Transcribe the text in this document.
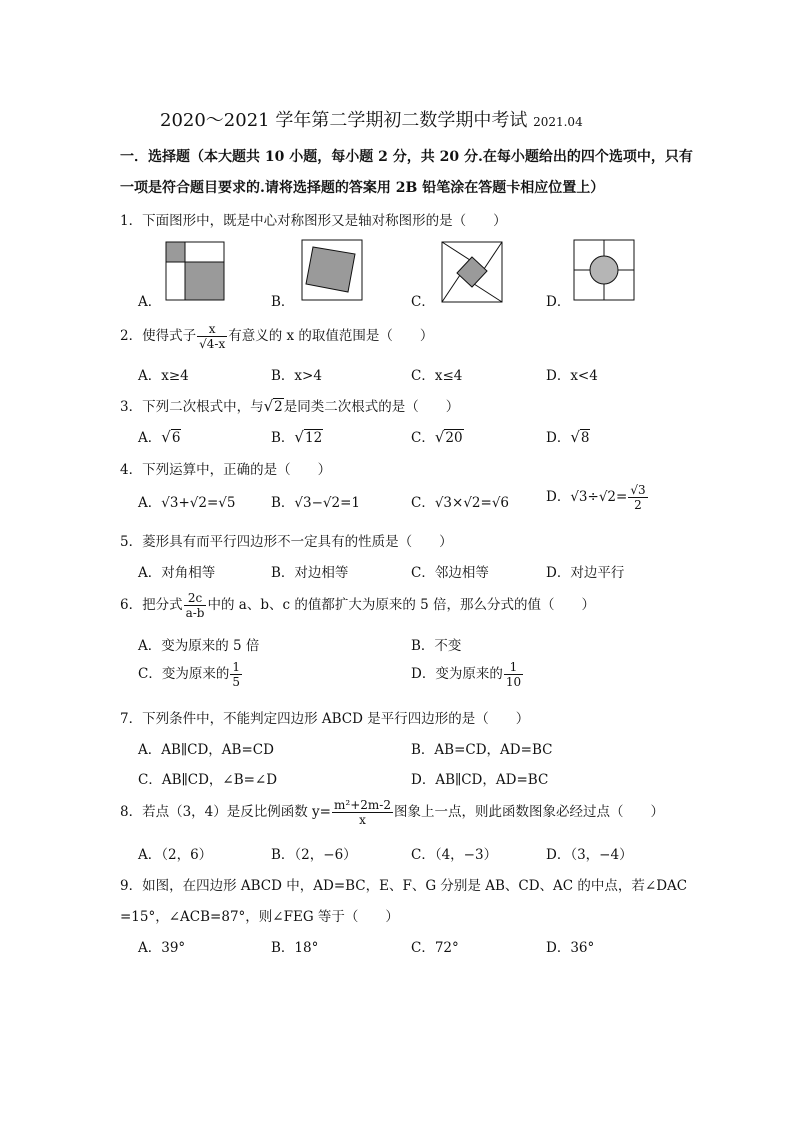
2020～2021 学年第二学期初二数学期中考试 2021.04
一．选择题（本大题共 10 小题，每小题 2 分，共 20 分.在每小题给出的四个选项中，只有
一项是符合题目要求的.请将选择题的答案用 2B 铅笔涂在答题卡相应位置上）
1．下面图形中，既是中心对称图形又是轴对称图形的是（　　）
A．	B．	C．	D．
2．使得式子 $\frac{x}{√4-x}$ 有意义的 x 的取值范围是（　　）
A．x≥4	B．x>4	C．x≤4	D．x<4
3．下列二次根式中，与√2是同类二次根式的是（　　）
A．√6	B．√12	C．√20	D．√8
4．下列运算中，正确的是（　　）
A．√3+√2=√5	B．√3−√2=1	C．√3×√2=√6	D．$√3\div√2= \frac{√3}{2}$
5．菱形具有而平行四边形不一定具有的性质是（　　）
A．对角相等	B．对边相等	C．邻边相等	D．对边平行
6．把分式 $\frac{2c}{a-b}$ 中的 a、b、c 的值都扩大为原来的 5 倍，那么分式的值（　　）
A．变为原来的 5 倍	B．不变
C．变为原来的 $\frac{1}{5}$	D．变为原来的 $\frac{1}{10}$
7．下列条件中，不能判定四边形 ABCD 是平行四边形的是（　　）
A．AB∥CD，AB=CD	B．AB=CD，AD=BC
C．AB∥CD，∠B=∠D	D．AB∥CD，AD=BC
8．若点（3，4）是反比例函数 $y= \frac{\text{m²+2m-2}}{x}$ 图象上一点，则此函数图象必经过点（　　）
A．（2，6）	B．（2，−6）	C．（4，−3）	D．（3，−4）
9．如图，在四边形 ABCD 中，AD=BC，E、F、G 分别是 AB、CD、AC 的中点，若∠DAC
=15°，∠ACB=87°，则∠FEG 等于（　　）
A．39°	B．18°	C．72°	D．36°
